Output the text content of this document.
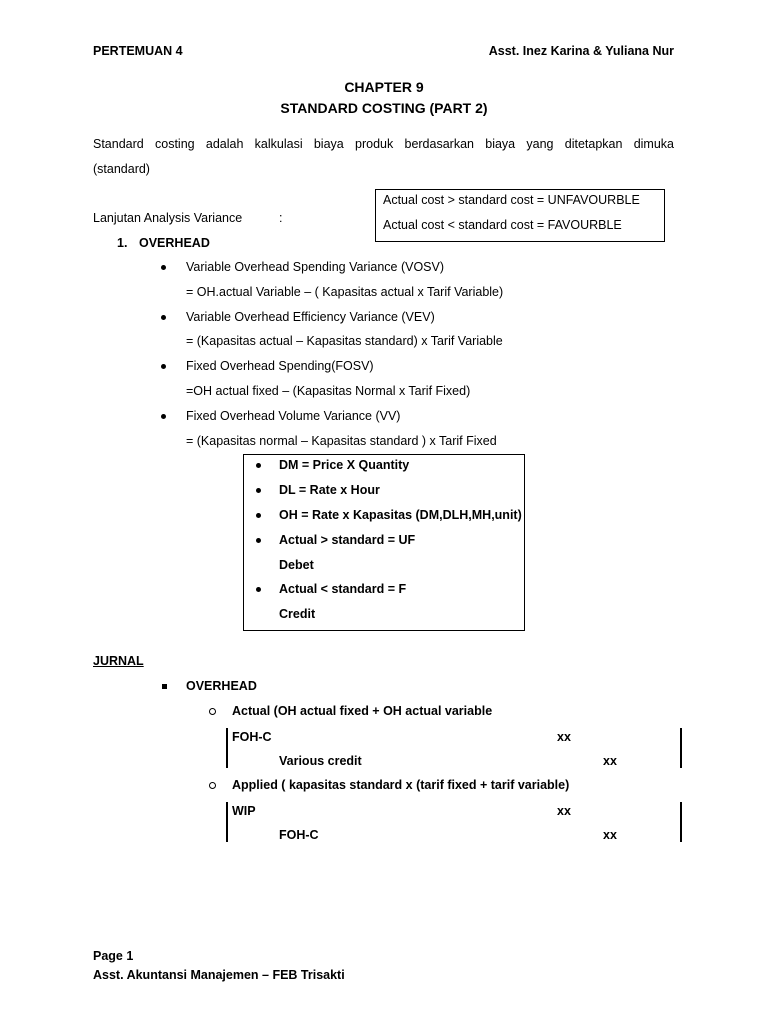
PERTEMUAN 4	Asst. Inez Karina & Yuliana Nur
CHAPTER 9
STANDARD COSTING (PART 2)
Standard costing adalah kalkulasi biaya produk berdasarkan biaya yang ditetapkan dimuka
(standard)
Actual cost > standard cost = UNFAVOURBLE
Actual cost < standard cost = FAVOURBLE
Lanjutan Analysis Variance	:
1. OVERHEAD
Variable Overhead Spending Variance (VOSV)
= OH.actual Variable – ( Kapasitas actual x Tarif Variable)
Variable Overhead Efficiency Variance (VEV)
= (Kapasitas actual – Kapasitas standard) x Tarif Variable
Fixed Overhead Spending(FOSV)
=OH actual fixed – (Kapasitas Normal x Tarif Fixed)
Fixed Overhead Volume Variance (VV)
= (Kapasitas normal – Kapasitas standard ) x Tarif Fixed
DM = Price X Quantity
DL = Rate x Hour
OH = Rate x Kapasitas (DM,DLH,MH,unit)
Actual > standard = UF
Debet
Actual < standard = F
Credit
JURNAL
OVERHEAD
Actual (OH actual fixed + OH actual variable
FOH-C	xx
Various credit	xx
Applied ( kapasitas standard x (tarif fixed + tarif variable)
WIP	xx
FOH-C	xx
Page 1
Asst. Akuntansi Manajemen – FEB Trisakti
